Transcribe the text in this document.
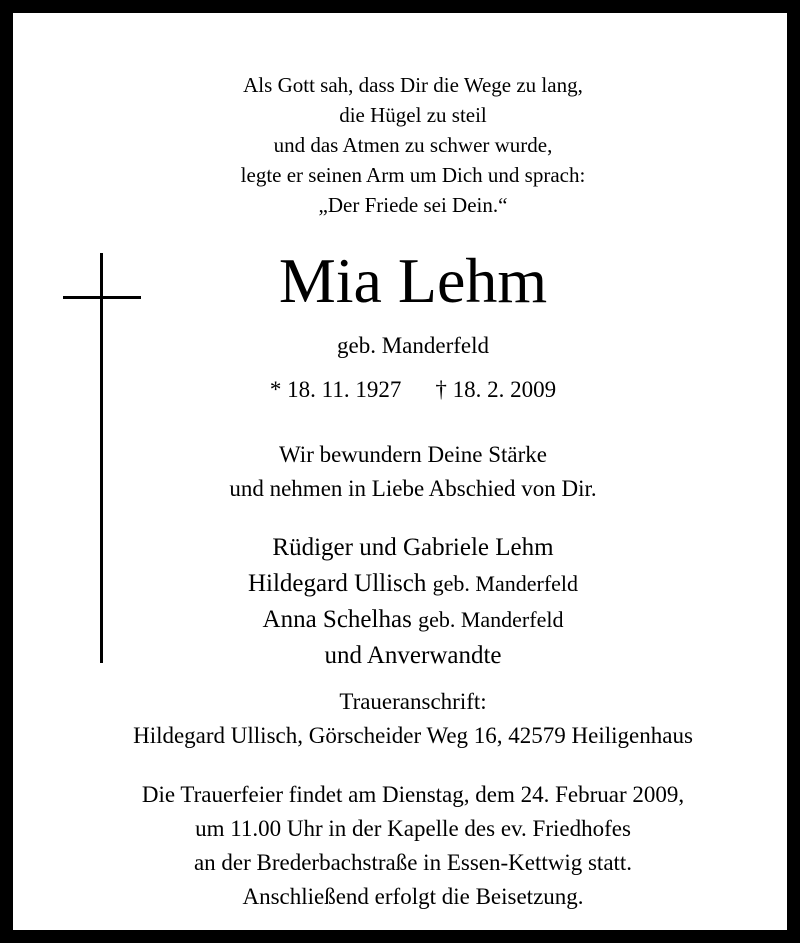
Als Gott sah, dass Dir die Wege zu lang,
die Hügel zu steil
und das Atmen zu schwer wurde,
legte er seinen Arm um Dich und sprach:
„Der Friede sei Dein.“
Mia Lehm
geb. Manderfeld
* 18. 11. 1927 † 18. 2. 2009
Wir bewundern Deine Stärke
und nehmen in Liebe Abschied von Dir.
Rüdiger und Gabriele Lehm
Hildegard Ullisch geb. Manderfeld
Anna Schelhas geb. Manderfeld
und Anverwandte
Traueranschrift:
Hildegard Ullisch, Görscheider Weg 16, 42579 Heiligenhaus
Die Trauerfeier findet am Dienstag, dem 24. Februar 2009,
um 11.00 Uhr in der Kapelle des ev. Friedhofes
an der Brederbachstraße in Essen-Kettwig statt.
Anschließend erfolgt die Beisetzung.
